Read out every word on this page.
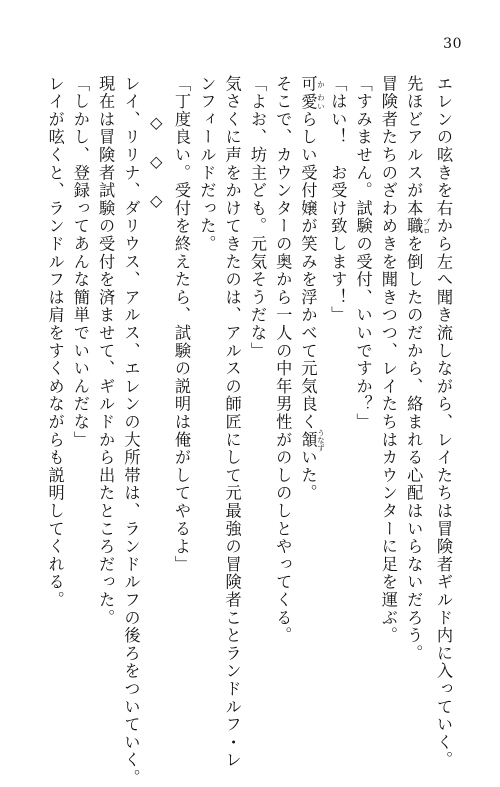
30
エレンの呟きを右から左へ聞き流しながら、レイたちは冒険者ギルド内に入っていく。
先ほどアルスが本職 プロを倒したのだから、絡まれる心配はいらないだろう。
冒険者たちのざわめきを聞きつつ、レイたちはカウンターに足を運ぶ。
「すみません。試験の受付、いいですか？」
「はい！　お受け致します！」
可 か愛 わいらしい受付嬢が笑みを浮かべて元気良く頷 うなずいた。
そこで、カウンターの奥から一人の中年男性がのしのしとやってくる。
「よお、坊主ども。元気そうだな」
気さくに声をかけてきたのは、アルスの師匠にして元最強の冒険者ことランドルフ・レ
ンフィールドだった。
「丁度良い。受付を終えたら、試験の説明は俺がしてやるよ」
◇◇◇
レイ、リリナ、ダリウス、アルス、エレンの大所帯は、ランドルフの後ろをついていく。
現在は冒険者試験の受付を済ませて、ギルドから出たところだった。
「しかし、登録ってあんな簡単でいいんだな」
レイが呟くと、ランドルフは肩をすくめながらも説明してくれる。
